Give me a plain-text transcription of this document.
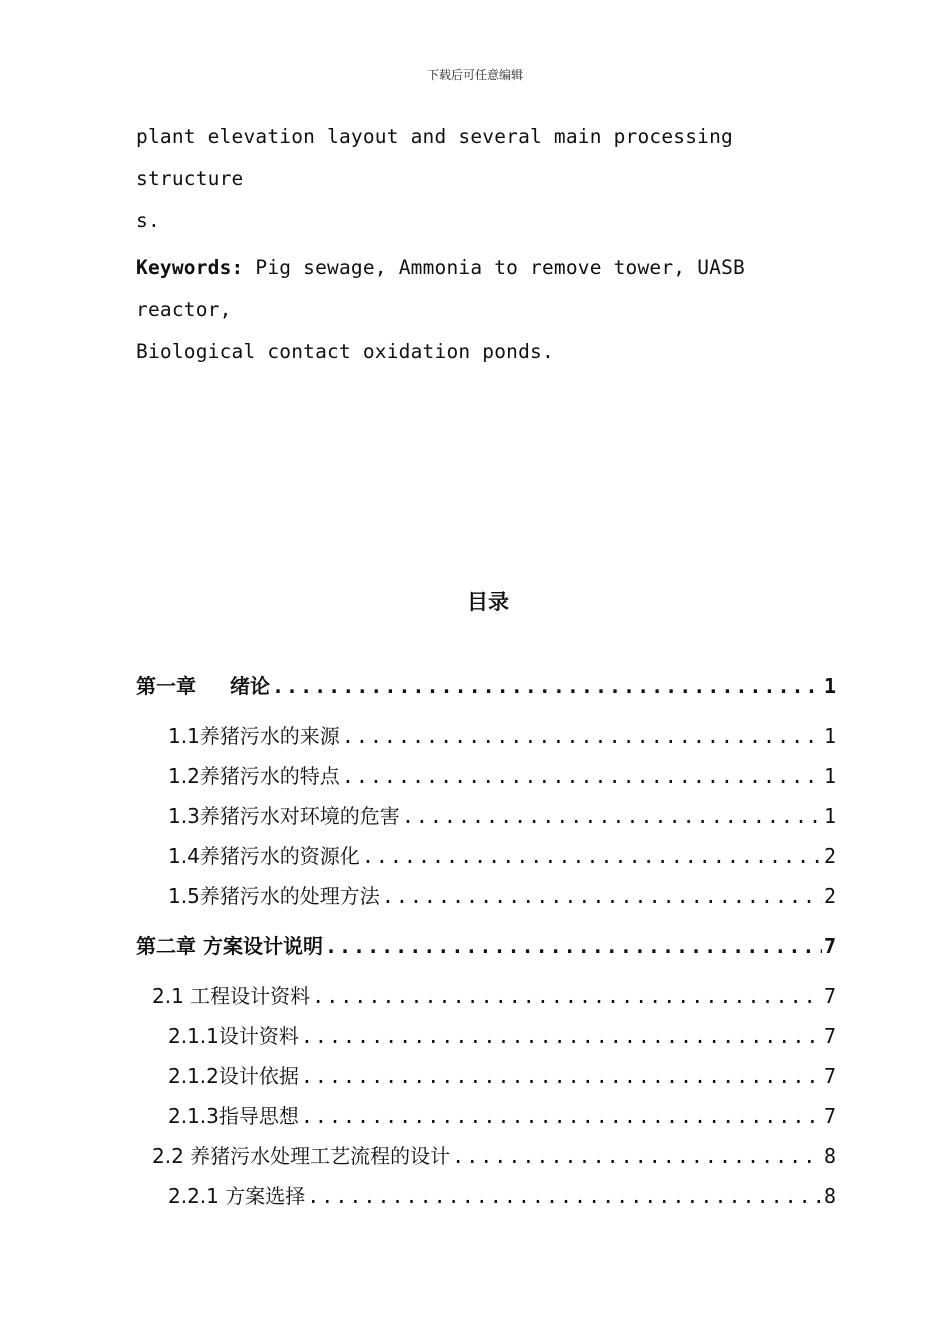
下载后可任意编辑
plant elevation layout and several main processing structure
s.
Keywords: Pig sewage, Ammonia to remove tower, UASB reactor,
Biological contact oxidation ponds.
目录
第一章 绪论 .....	1
1.1养猪污水的来源 .....	1
1.2养猪污水的特点 .....	1
1.3养猪污水对环境的危害 .....	1
1.4养猪污水的资源化 .....	2
1.5养猪污水的处理方法 .....	2
第二章 方案设计说明 .....	7
2.1 工程设计资料 .....	7
2.1.1设计资料 .....	7
2.1.2设计依据 .....	7
2.1.3指导思想 .....	7
2.2 养猪污水处理工艺流程的设计 .....	8
2.2.1 方案选择 .....	8
